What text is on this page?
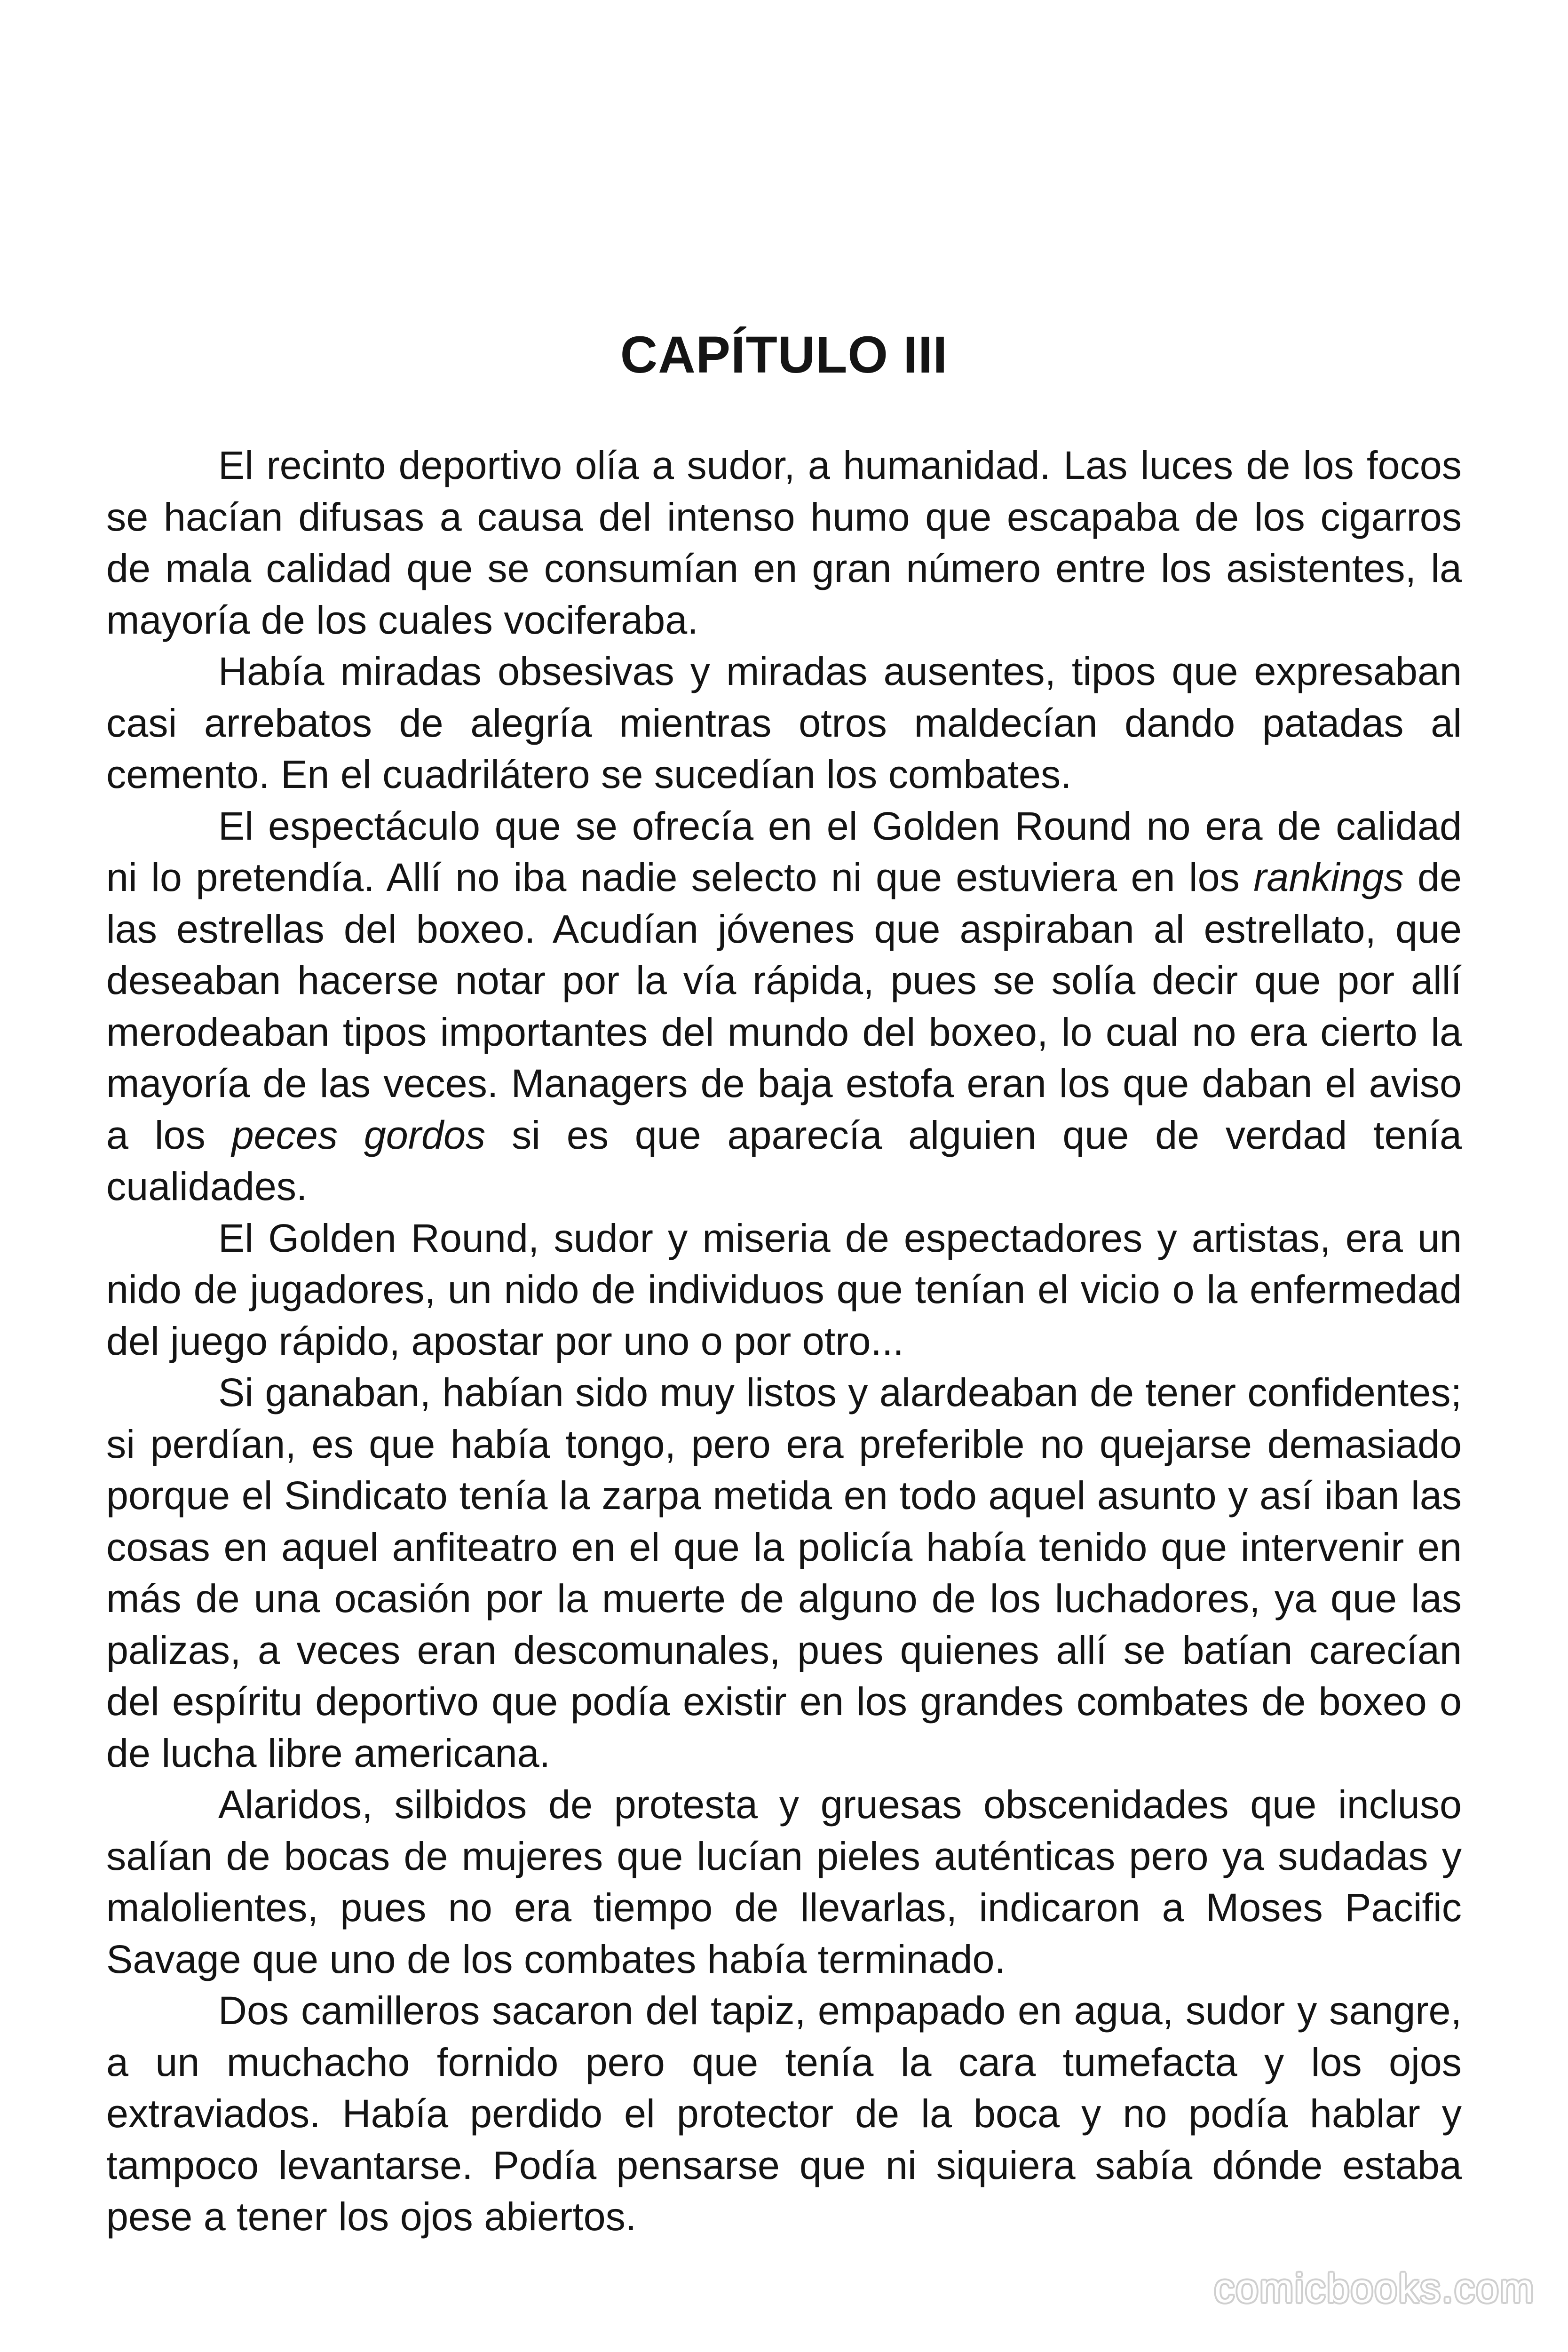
CAPÍTULO III

El recinto deportivo olía a sudor, a humanidad. Las luces de los focos se hacían difusas a causa del intenso humo que escapaba de los cigarros de mala calidad que se consumían en gran número entre los asistentes, la mayoría de los cuales vociferaba.

Había miradas obsesivas y miradas ausentes, tipos que expresaban casi arrebatos de alegría mientras otros maldecían dando patadas al cemento. En el cuadrilátero se sucedían los combates.

El espectáculo que se ofrecía en el Golden Round no era de calidad ni lo pretendía. Allí no iba nadie selecto ni que estuviera en los rankings de las estrellas del boxeo. Acudían jóvenes que aspiraban al estrellato, que deseaban hacerse notar por la vía rápida, pues se solía decir que por allí merodeaban tipos importantes del mundo del boxeo, lo cual no era cierto la mayoría de las veces. Managers de baja estofa eran los que daban el aviso a los peces gordos si es que aparecía alguien que de verdad tenía cualidades.

El Golden Round, sudor y miseria de espectadores y artistas, era un nido de jugadores, un nido de individuos que tenían el vicio o la enfermedad del juego rápido, apostar por uno o por otro...

Si ganaban, habían sido muy listos y alardeaban de tener confidentes; si perdían, es que había tongo, pero era preferible no quejarse demasiado porque el Sindicato tenía la zarpa metida en todo aquel asunto y así iban las cosas en aquel anfiteatro en el que la policía había tenido que intervenir en más de una ocasión por la muerte de alguno de los luchadores, ya que las palizas, a veces eran descomunales, pues quienes allí se batían carecían del espíritu deportivo que podía existir en los grandes combates de boxeo o de lucha libre americana.

Alaridos, silbidos de protesta y gruesas obscenidades que incluso salían de bocas de mujeres que lucían pieles auténticas pero ya sudadas y malolientes, pues no era tiempo de llevarlas, indicaron a Moses Pacific Savage que uno de los combates había terminado.

Dos camilleros sacaron del tapiz, empapado en agua, sudor y sangre, a un muchacho fornido pero que tenía la cara tumefacta y los ojos extraviados. Había perdido el protector de la boca y no podía hablar y tampoco levantarse. Podía pensarse que ni siquiera sabía dónde estaba pese a tener los ojos abiertos.

comicbooks.com
